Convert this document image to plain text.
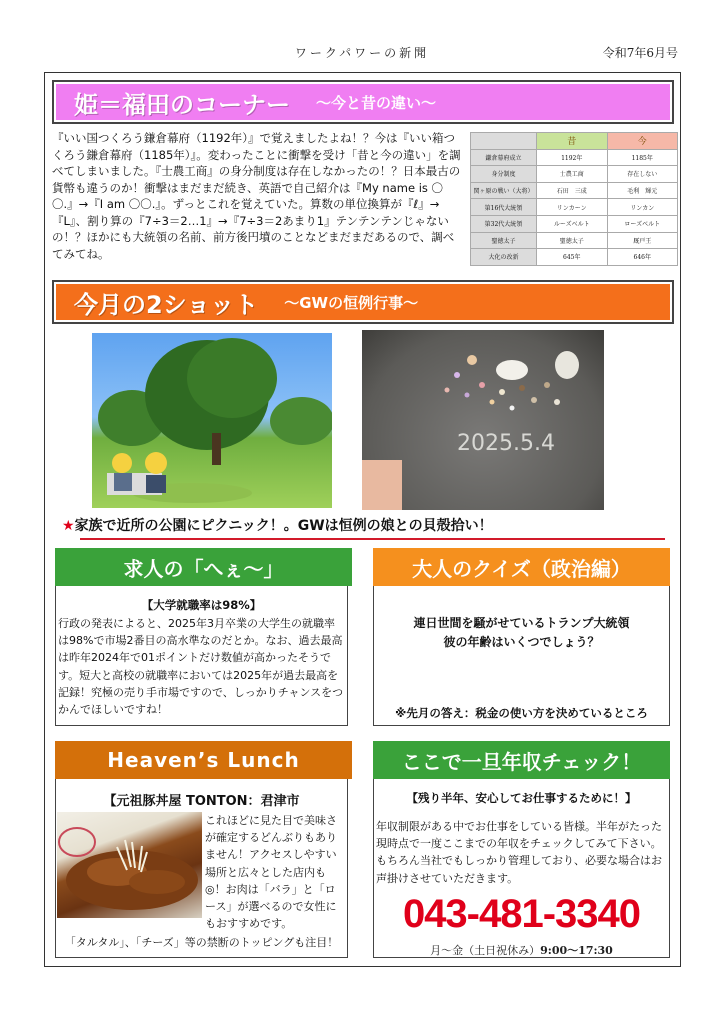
ワークパワーの新聞	令和7年6月号
姫＝福田のコーナー ～今と昔の違い～
『いい国つくろう鎌倉幕府（1192年）』で覚えましたよね！？今は『いい箱つくろう鎌倉幕府（1185年）』。変わったことに衝撃を受け「昔と今の違い」を調べてしまいました。『士農工商』の身分制度は存在しなかったの！？日本最古の貨幣も違うのか！衝撃はまだまだ続き、英語で自己紹介は『My name is 〇〇.』→『I am 〇〇.』。ずっとこれを覚えていた。算数の単位換算が『ℓ』→『L』、割り算の『7÷3＝2…1』→『7÷3＝2あまり1』テンテンテンじゃないの！？ほかにも大統領の名前、前方後円墳のことなどまだまだあるので、調べてみてね。
	昔	今
鎌倉幕府成立	1192年	1185年
身分制度	士農工商	存在しない
関ヶ原の戦い（大将）	石田　三成	毛利　輝元
第16代大統領	リンカーン	リンカン
第32代大統領	ルーズベルト	ローズベルト
聖徳太子	聖徳太子	厩戸王
大化の改新	645年	646年
今月の2ショット ～GWの恒例行事～
2025.5.4
★家族で近所の公園にピクニック！。GWは恒例の娘との貝殻拾い！
求人の「へぇ～」
【大学就職率は98%】
行政の発表によると、2025年3月卒業の大学生の就職率は98%で市場2番目の高水準なのだとか。なお、過去最高は昨年2024年で01ポイントだけ数値が高かったそうです。短大と高校の就職率においては2025年が過去最高を記録！究極の売り手市場ですので、しっかりチャンスをつかんでほしいですね！
大人のクイズ（政治編）
連日世間を騒がせているトランプ大統領
彼の年齢はいくつでしょう？
※先月の答え：税金の使い方を決めているところ
Heaven’s Lunch
【元祖豚丼屋 TONTON：君津市
これほどに見た目で美味さが確定するどんぶりもありません！アクセスしやすい場所と広々とした店内も◎！お肉は「バラ」と「ロース」が選べるので女性にもおすすめです。
「タルタル」、「チーズ」等の禁断のトッピングも注目！
ここで一旦年収チェック！
【残り半年、安心してお仕事するために！】
年収制限がある中でお仕事をしている皆様。半年がたった現時点で一度ここまでの年収をチェックしてみて下さい。もちろん当社でもしっかり管理しており、必要な場合はお声掛けさせていただきます。
043-481-3340
月～金（土日祝休み）9:00～17:30
